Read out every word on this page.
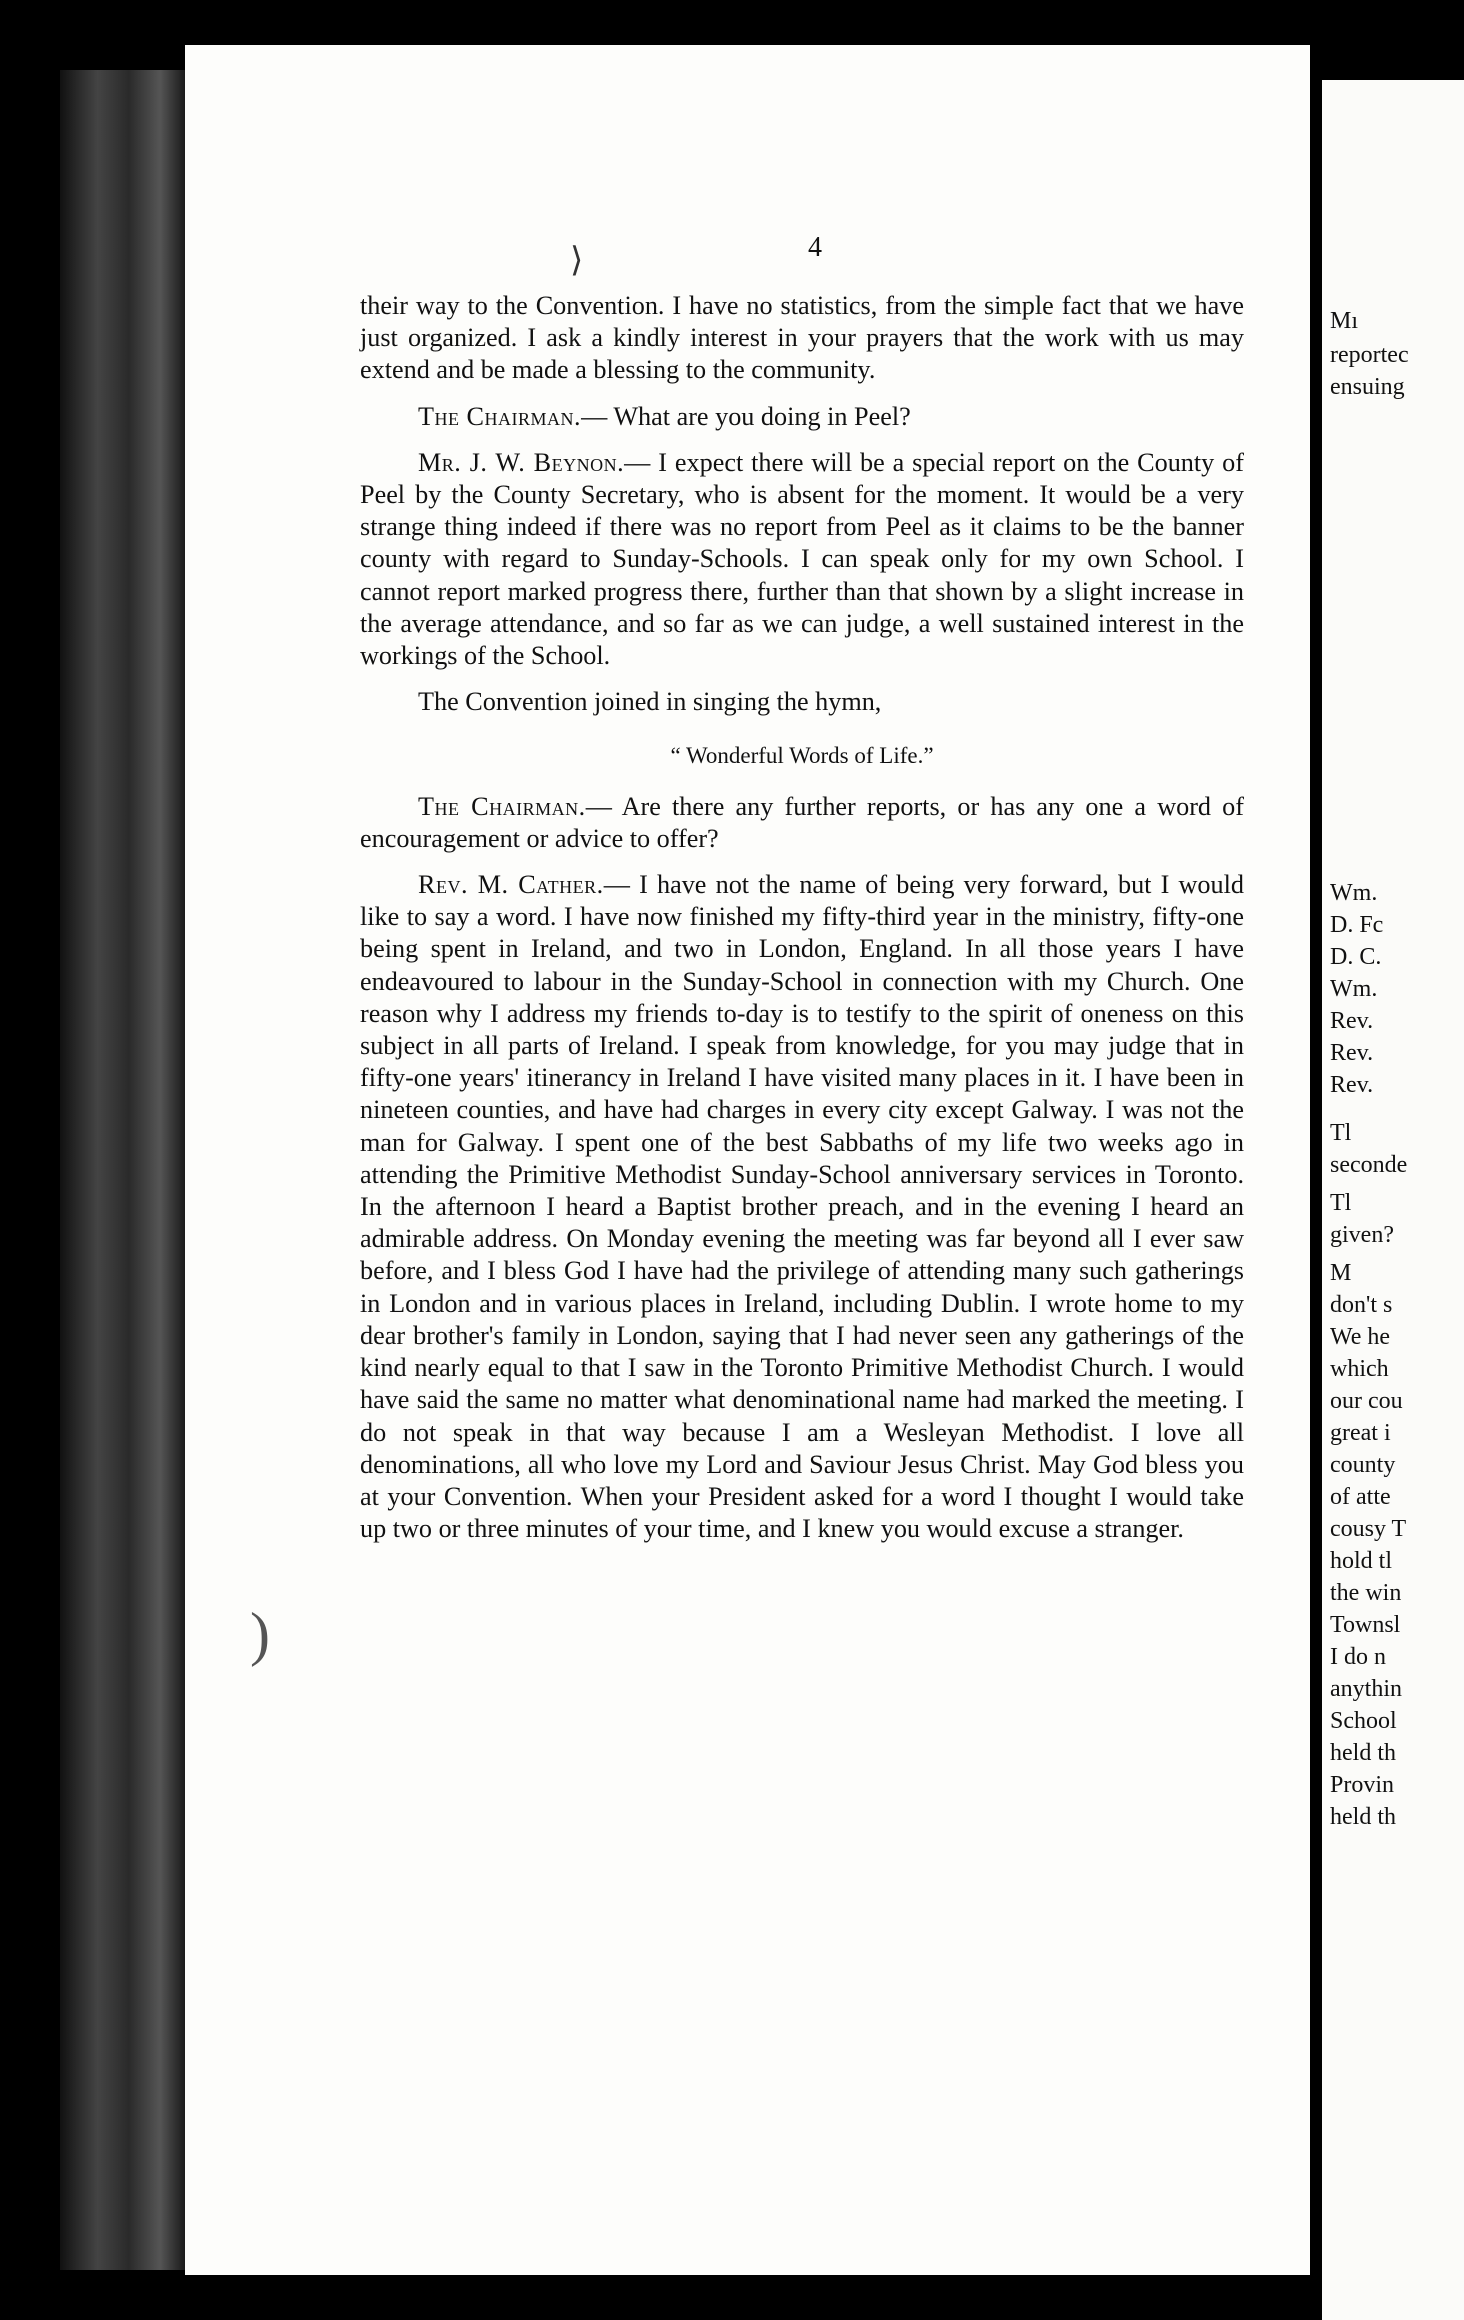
4

their way to the Convention. I have no statistics, from the simple fact that we have just organized. I ask a kindly interest in your prayers that the work with us may extend and be made a blessing to the community.

The Chairman.— What are you doing in Peel?

Mr. J. W. Beynon.— I expect there will be a special report on the County of Peel by the County Secretary, who is absent for the moment. It would be a very strange thing indeed if there was no report from Peel as it claims to be the banner county with regard to Sunday-Schools. I can speak only for my own School. I cannot report marked progress there, further than that shown by a slight increase in the average attendance, and so far as we can judge, a well sustained interest in the workings of the School.

The Convention joined in singing the hymn,

“ Wonderful Words of Life.”

The Chairman.— Are there any further reports, or has any one a word of encouragement or advice to offer?

Rev. M. Cather.— I have not the name of being very forward, but I would like to say a word. I have now finished my fifty-third year in the ministry, fifty-one being spent in Ireland, and two in London, England. In all those years I have endeavoured to labour in the Sunday-School in connection with my Church. One reason why I address my friends to-day is to testify to the spirit of oneness on this subject in all parts of Ireland. I speak from knowledge, for you may judge that in fifty-one years' itinerancy in Ireland I have visited many places in it. I have been in nineteen counties, and have had charges in every city except Galway. I was not the man for Galway. I spent one of the best Sabbaths of my life two weeks ago in attending the Primitive Methodist Sunday-School anniversary services in Toronto. In the afternoon I heard a Baptist brother preach, and in the evening I heard an admirable address. On Monday evening the meeting was far beyond all I ever saw before, and I bless God I have had the privilege of attending many such gatherings in London and in various places in Ireland, including Dublin. I wrote home to my dear brother's family in London, saying that I had never seen any gatherings of the kind nearly equal to that I saw in the Toronto Primitive Methodist Church. I would have said the same no matter what denominational name had marked the meeting. I do not speak in that way because I am a Wesleyan Methodist. I love all denominations, all who love my Lord and Saviour Jesus Christ. May God bless you at your Convention. When your President asked for a word I thought I would take up two or three minutes of your time, and I knew you would excuse a stranger.

⟩
)
Mı
reportec
ensuing
Wm.
D. Fc
D. C.
Wm.
Rev.
Rev.
Rev.
Tl
seconde
Tl
given?
M
don't s
We he
which
our cou
great i
county
of atte
cousy T
hold tl
the win
Townsl
I do n
anythin
School
held th
Provin
held th
